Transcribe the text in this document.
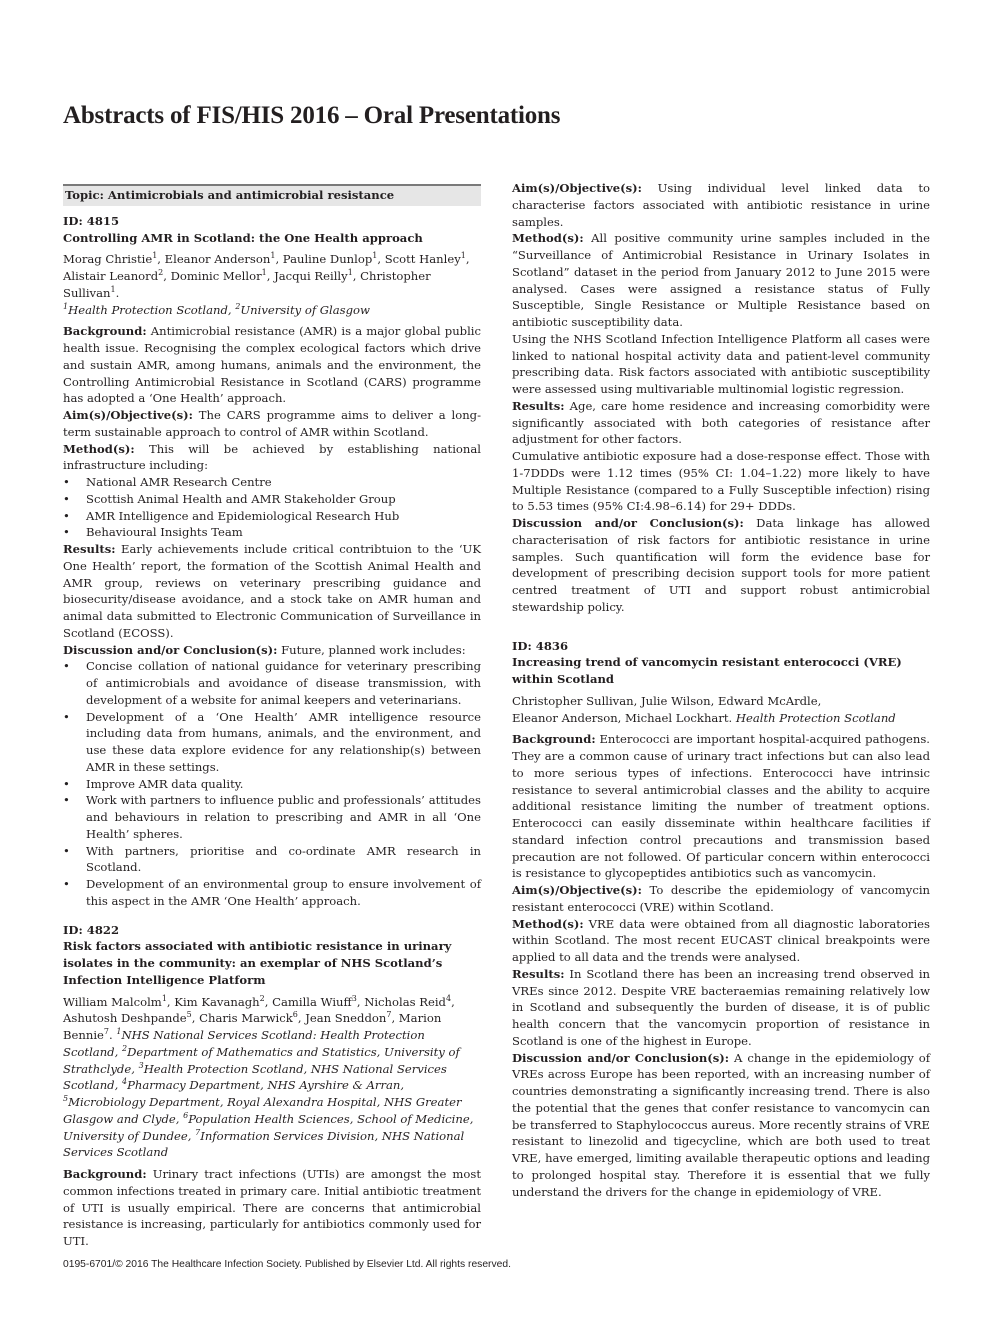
Abstracts of FIS/HIS 2016 – Oral Presentations
Topic: Antimicrobials and antimicrobial resistance

ID: 4815

Controlling AMR in Scotland: the One Health approach

Morag Christie$^1$, Eleanor Anderson$^1$, Pauline Dunlop$^1$, Scott Hanley$^1$, Alistair Leanord$^2$, Dominic Mellor$^1$, Jacqui Reilly$^1$, Christopher Sullivan$^1$.
$^1$Health Protection Scotland, $^2$University of Glasgow

Background: Antimicrobial resistance (AMR) is a major global public health issue. Recognising the complex ecological factors which drive and sustain AMR, among humans, animals and the environment, the Controlling Antimicrobial Resistance in Scotland (CARS) programme has adopted a ‘One Health’ approach.

Aim(s)/Objective(s): The CARS programme aims to deliver a long-term sustainable approach to control of AMR within Scotland.

Method(s): This will be achieved by establishing national infrastructure including:

• National AMR Research Centre
• Scottish Animal Health and AMR Stakeholder Group
• AMR Intelligence and Epidemiological Research Hub
• Behavioural Insights Team

Results: Early achievements include critical contribtuion to the ‘UK One Health’ report, the formation of the Scottish Animal Health and AMR group, reviews on veterinary prescribing guidance and biosecurity/disease avoidance, and a stock take on AMR human and animal data submitted to Electronic Communication of Surveillance in Scotland (ECOSS).

Discussion and/or Conclusion(s): Future, planned work includes:

• Concise collation of national guidance for veterinary prescribing of antimicrobials and avoidance of disease transmission, with development of a website for animal keepers and veterinarians.
• Development of a ‘One Health’ AMR intelligence resource including data from humans, animals, and the environment, and use these data explore evidence for any relationship(s) between AMR in these settings.
• Improve AMR data quality.
• Work with partners to influence public and professionals’ attitudes and behaviours in relation to prescribing and AMR in all ‘One Health’ spheres.
• With partners, prioritise and co-ordinate AMR research in Scotland.
• Development of an environmental group to ensure involvement of this aspect in the AMR ‘One Health’ approach.

ID: 4822

Risk factors associated with antibiotic resistance in urinary isolates in the community: an exemplar of NHS Scotland’s Infection Intelligence Platform

William Malcolm$^1$, Kim Kavanagh$^2$, Camilla Wiuff$^3$, Nicholas Reid$^4$, Ashutosh Deshpande$^5$, Charis Marwick$^6$, Jean Sneddon$^7$, Marion Bennie$^7$. $^1$NHS National Services Scotland: Health Protection Scotland, $^2$Department of Mathematics and Statistics, University of Strathclyde, $^3$Health Protection Scotland, NHS National Services Scotland, $^4$Pharmacy Department, NHS Ayrshire & Arran, $^5$Microbiology Department, Royal Alexandra Hospital, NHS Greater Glasgow and Clyde, $^6$Population Health Sciences, School of Medicine, University of Dundee, $^7$Information Services Division, NHS National Services Scotland

Background: Urinary tract infections (UTIs) are amongst the most common infections treated in primary care. Initial antibiotic treatment of UTI is usually empirical. There are concerns that antimicrobial resistance is increasing, particularly for antibiotics commonly used for UTI.

Aim(s)/Objective(s): Using individual level linked data to characterise factors associated with antibiotic resistance in urine samples.

Method(s): All positive community urine samples included in the “Surveillance of Antimicrobial Resistance in Urinary Isolates in Scotland” dataset in the period from January 2012 to June 2015 were analysed. Cases were assigned a resistance status of Fully Susceptible, Single Resistance or Multiple Resistance based on antibiotic susceptibility data.

Using the NHS Scotland Infection Intelligence Platform all cases were linked to national hospital activity data and patient-level community prescribing data. Risk factors associated with antibiotic susceptibility were assessed using multivariable multinomial logistic regression.

Results: Age, care home residence and increasing comorbidity were significantly associated with both categories of resistance after adjustment for other factors.

Cumulative antibiotic exposure had a dose-response effect. Those with 1-7DDDs were 1.12 times (95% CI: 1.04–1.22) more likely to have Multiple Resistance (compared to a Fully Susceptible infection) rising to 5.53 times (95% CI:4.98–6.14) for 29+ DDDs.

Discussion and/or Conclusion(s): Data linkage has allowed characterisation of risk factors for antibiotic resistance in urine samples. Such quantification will form the evidence base for development of prescribing decision support tools for more patient centred treatment of UTI and support robust antimicrobial stewardship policy.

ID: 4836

Increasing trend of vancomycin resistant enterococci (VRE) within Scotland

Christopher Sullivan, Julie Wilson, Edward McArdle,
Eleanor Anderson, Michael Lockhart. Health Protection Scotland

Background: Enterococci are important hospital-acquired pathogens. They are a common cause of urinary tract infections but can also lead to more serious types of infections. Enterococci have intrinsic resistance to several antimicrobial classes and the ability to acquire additional resistance limiting the number of treatment options. Enterococci can easily disseminate within healthcare facilities if standard infection control precautions and transmission based precaution are not followed. Of particular concern within enterococci is resistance to glycopeptides antibiotics such as vancomycin.

Aim(s)/Objective(s): To describe the epidemiology of vancomycin resistant enterococci (VRE) within Scotland.

Method(s): VRE data were obtained from all diagnostic laboratories within Scotland. The most recent EUCAST clinical breakpoints were applied to all data and the trends were analysed.

Results: In Scotland there has been an increasing trend observed in VREs since 2012. Despite VRE bacteraemias remaining relatively low in Scotland and subsequently the burden of disease, it is of public health concern that the vancomycin proportion of resistance in Scotland is one of the highest in Europe.

Discussion and/or Conclusion(s): A change in the epidemiology of VREs across Europe has been reported, with an increasing number of countries demonstrating a significantly increasing trend. There is also the potential that the genes that confer resistance to vancomycin can be transferred to Staphylococcus aureus. More recently strains of VRE resistant to linezolid and tigecycline, which are both used to treat VRE, have emerged, limiting available therapeutic options and leading to prolonged hospital stay. Therefore it is essential that we fully understand the drivers for the change in epidemiology of VRE.

0195-6701/© 2016 The Healthcare Infection Society. Published by Elsevier Ltd. All rights reserved.
